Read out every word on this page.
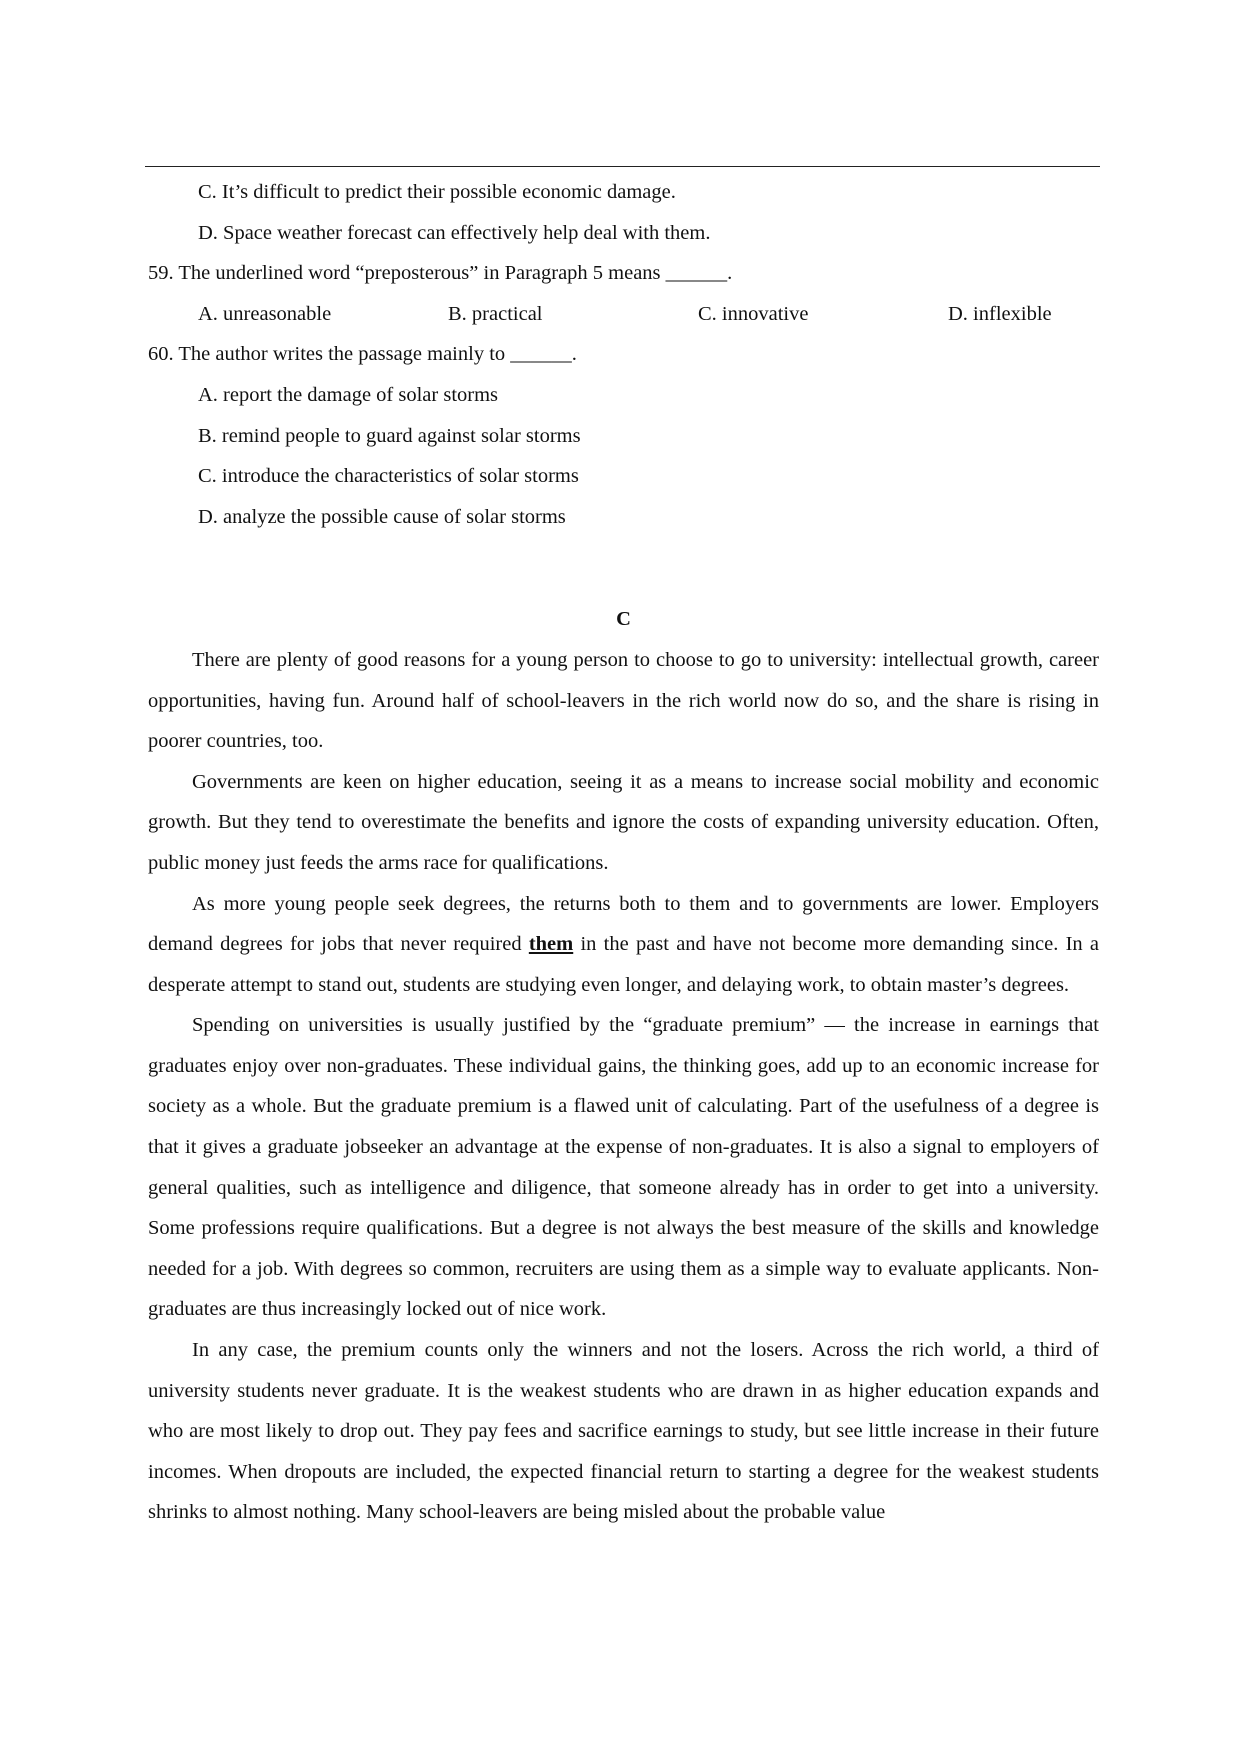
C. It’s difficult to predict their possible economic damage.
D. Space weather forecast can effectively help deal with them.
59. The underlined word “preposterous” in Paragraph 5 means ______.
A. unreasonable	B. practical	C. innovative	D. inflexible
60. The author writes the passage mainly to ______.
A. report the damage of solar storms
B. remind people to guard against solar storms
C. introduce the characteristics of solar storms
D. analyze the possible cause of solar storms
C

There are plenty of good reasons for a young person to choose to go to university: intellectual growth, career opportunities, having fun. Around half of school-leavers in the rich world now do so, and the share is rising in poorer countries, too.

Governments are keen on higher education, seeing it as a means to increase social mobility and economic growth. But they tend to overestimate the benefits and ignore the costs of expanding university education. Often, public money just feeds the arms race for qualifications.

As more young people seek degrees, the returns both to them and to governments are lower. Employers demand degrees for jobs that never required them in the past and have not become more demanding since. In a desperate attempt to stand out, students are studying even longer, and delaying work, to obtain master’s degrees.

Spending on universities is usually justified by the “graduate premium” — the increase in earnings that graduates enjoy over non-graduates. These individual gains, the thinking goes, add up to an economic increase for society as a whole. But the graduate premium is a flawed unit of calculating. Part of the usefulness of a degree is that it gives a graduate jobseeker an advantage at the expense of non-graduates. It is also a signal to employers of general qualities, such as intelligence and diligence, that someone already has in order to get into a university. Some professions require qualifications. But a degree is not always the best measure of the skills and knowledge needed for a job. With degrees so common, recruiters are using them as a simple way to evaluate applicants. Non-graduates are thus increasingly locked out of nice work.

In any case, the premium counts only the winners and not the losers. Across the rich world, a third of university students never graduate. It is the weakest students who are drawn in as higher education expands and who are most likely to drop out. They pay fees and sacrifice earnings to study, but see little increase in their future incomes. When dropouts are included, the expected financial return to starting a degree for the weakest students shrinks to almost nothing. Many school-leavers are being misled about the probable value
